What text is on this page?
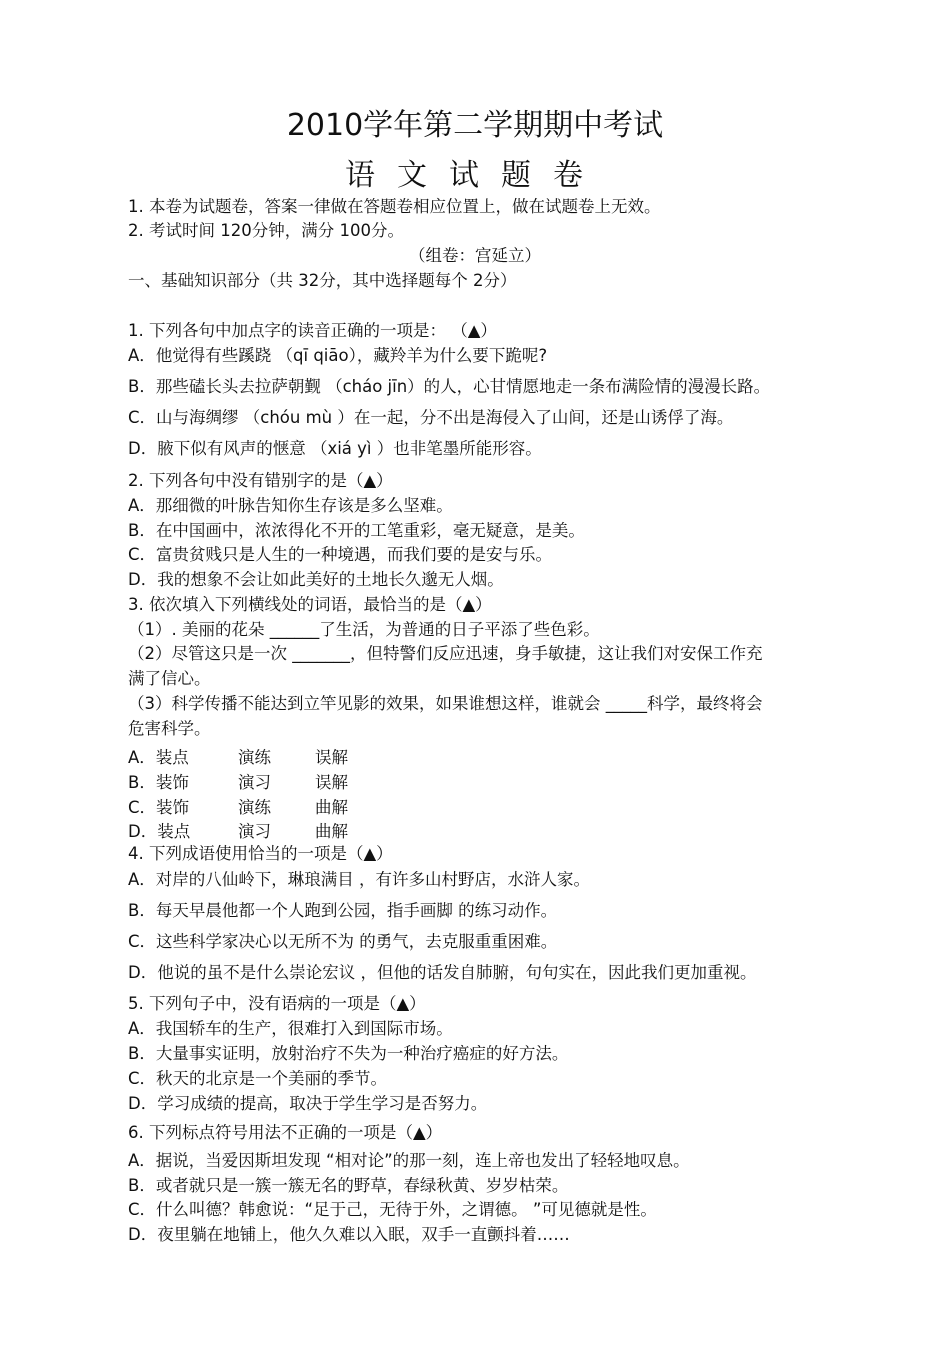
2010学年第二学期期中考试
语文试题卷
1. 本卷为试题卷，答案一律做在答题卷相应位置上，做在试题卷上无效。
2. 考试时间 120分钟，满分 100分。
（组卷：宫延立）
一、基础知识部分（共 32分，其中选择题每个 2分）
1. 下列各句中加点字的读音正确的一项是： （▲）
A．他觉得有些蹊跷 （qī qiāo），藏羚羊为什么要下跪呢?
B．那些磕长头去拉萨朝觐 （cháo jīn）的人，心甘情愿地走一条布满险情的漫漫长路。
C．山与海绸缪 （chóu mù ）在一起，分不出是海侵入了山间，还是山诱俘了海。
D．腋下似有风声的惬意 （xiá yì ）也非笔墨所能形容。
2. 下列各句中没有错别字的是（▲）
A．那细微的叶脉告知你生存该是多么坚难。
B．在中国画中，浓浓得化不开的工笔重彩，毫无疑意，是美。
C．富贵贫贱只是人生的一种境遇，而我们要的是安与乐。
D．我的想象不会让如此美好的土地长久邈无人烟。
3. 依次填入下列横线处的词语，最恰当的是（▲）
（1）. 美丽的花朵 ______了生活，为普通的日子平添了些色彩。
（2）尽管这只是一次 _______，但特警们反应迅速，身手敏捷，这让我们对安保工作充
满了信心。
（3）科学传播不能达到立竿见影的效果，如果谁想这样，谁就会 _____科学，最终将会
危害科学。
A．装点	演练	误解
B．装饰	演习	误解
C．装饰	演练	曲解
D．装点	演习	曲解
4. 下列成语使用恰当的一项是（▲）
A．对岸的八仙岭下，琳琅满目 ，有许多山村野店，水浒人家。
B．每天早晨他都一个人跑到公园，指手画脚 的练习动作。
C．这些科学家决心以无所不为 的勇气，去克服重重困难。
D．他说的虽不是什么崇论宏议 ，但他的话发自肺腑，句句实在，因此我们更加重视。
5. 下列句子中，没有语病的一项是（▲）
A．我国轿车的生产，很难打入到国际市场。
B．大量事实证明，放射治疗不失为一种治疗癌症的好方法。
C．秋天的北京是一个美丽的季节。
D．学习成绩的提高，取决于学生学习是否努力。
6. 下列标点符号用法不正确的一项是（▲）
A．据说，当爱因斯坦发现 “相对论”的那一刻，连上帝也发出了轻轻地叹息。
B．或者就只是一簇一簇无名的野草，春绿秋黄、岁岁枯荣。
C．什么叫德？韩愈说：“足于己，无待于外，之谓德。 ”可见德就是性。
D．夜里躺在地铺上，他久久难以入眠，双手一直颤抖着……
